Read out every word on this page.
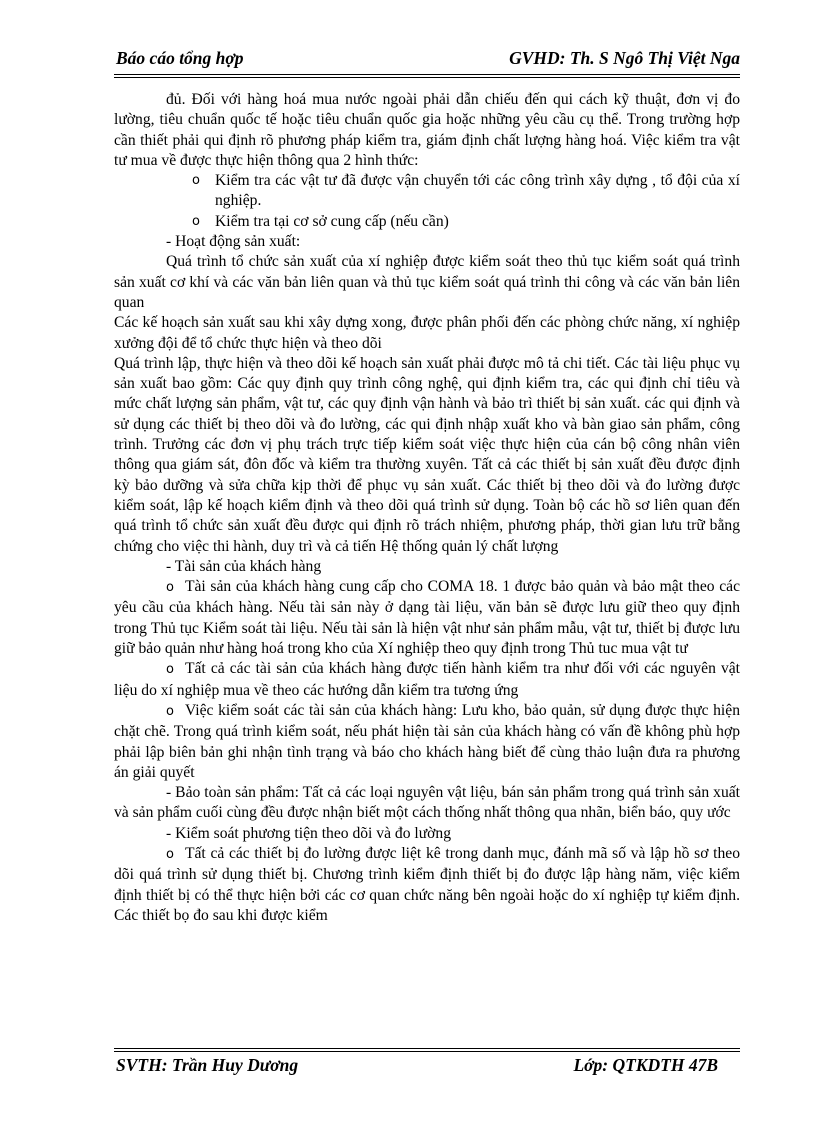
Báo cáo tổng hợp	GVHD: Th. S Ngô Thị Việt Nga

đủ. Đối với hàng hoá mua nước ngoài phải dẫn chiếu đến qui cách kỹ thuật, đơn vị đo lường, tiêu chuẩn quốc tế hoặc tiêu chuẩn quốc gia hoặc những yêu cầu cụ thể. Trong trường hợp cần thiết phải qui định rõ phương pháp kiểm tra, giám định chất lượng hàng hoá. Việc kiểm tra vật tư mua về được thực hiện thông qua 2 hình thức:

o Kiểm tra các vật tư đã được vận chuyển tới các công trình xây dựng , tổ đội của xí nghiệp.

o Kiểm tra tại cơ sở cung cấp (nếu cần)

- Hoạt động sản xuất:

Quá trình tổ chức sản xuất của xí nghiệp được kiểm soát theo thủ tục kiểm soát quá trình sản xuất cơ khí và các văn bản liên quan và thủ tục kiểm soát quá trình thi công và các văn bản liên quan

Các kế hoạch sản xuất sau khi xây dựng xong, được phân phối đến các phòng chức năng, xí nghiệp xưởng đội để tổ chức thực hiện và theo dõi

Quá trình lập, thực hiện và theo dõi kế hoạch sản xuất phải được mô tả chi tiết. Các tài liệu phục vụ sản xuất bao gồm: Các quy định quy trình công nghệ, qui định kiểm tra, các qui định chỉ tiêu và mức chất lượng sản phẩm, vật tư, các quy định vận hành và bảo trì thiết bị sản xuất. các qui định và sử dụng các thiết bị theo dõi và đo lường, các qui định nhập xuất kho và bàn giao sản phẩm, công trình. Trưởng các đơn vị phụ trách trực tiếp kiểm soát việc thực hiện của cán bộ công nhân viên thông qua giám sát, đôn đốc và kiểm tra thường xuyên. Tất cả các thiết bị sản xuất đều được định kỳ bảo dưỡng và sửa chữa kịp thời để phục vụ sản xuất. Các thiết bị theo dõi và đo lường được kiểm soát, lập kế hoạch kiểm định và theo dõi quá trình sử dụng. Toàn bộ các hồ sơ liên quan đến quá trình tổ chức sản xuất đều được qui định rõ trách nhiệm, phương pháp, thời gian lưu trữ bằng chứng cho việc thi hành, duy trì và cả tiến Hệ thống quản lý chất lượng

- Tài sản của khách hàng

o Tài sản của khách hàng cung cấp cho COMA 18. 1 được bảo quản và bảo mật theo các yêu cầu của khách hàng. Nếu tài sản này ở dạng tài liệu, văn bản sẽ được lưu giữ theo quy định trong Thủ tục Kiểm soát tài liệu. Nếu tài sản là hiện vật như sản phẩm mẫu, vật tư, thiết bị được lưu giữ bảo quản như hàng hoá trong kho của Xí nghiệp theo quy định trong Thủ tuc mua vật tư

o Tất cả các tài sản của khách hàng được tiến hành kiểm tra như đối với các nguyên vật liệu do xí nghiệp mua về theo các hướng dẫn kiểm tra tương ứng

o Việc kiểm soát các tài sản của khách hàng: Lưu kho, bảo quản, sử dụng được thực hiện chặt chẽ. Trong quá trình kiểm soát, nếu phát hiện tài sản của khách hàng có vấn đề không phù hợp phải lập biên bản ghi nhận tình trạng và báo cho khách hàng biết để cùng thảo luận đưa ra phương án giải quyết

- Bảo toàn sản phẩm: Tất cả các loại nguyên vật liệu, bán sản phẩm trong quá trình sản xuất và sản phẩm cuối cùng đều được nhận biết một cách thống nhất thông qua nhãn, biển báo, quy ước

- Kiểm soát phương tiện theo dõi và đo lường

o Tất cả các thiết bị đo lường được liệt kê trong danh mục, đánh mã số và lập hồ sơ theo dõi quá trình sử dụng thiết bị. Chương trình kiểm định thiết bị đo được lập hàng năm, việc kiểm định thiết bị có thể thực hiện bởi các cơ quan chức năng bên ngoài hoặc do xí nghiệp tự kiểm định. Các thiết bọ đo sau khi được kiểm

SVTH: Trần Huy Dương	Lớp: QTKDTH 47B
